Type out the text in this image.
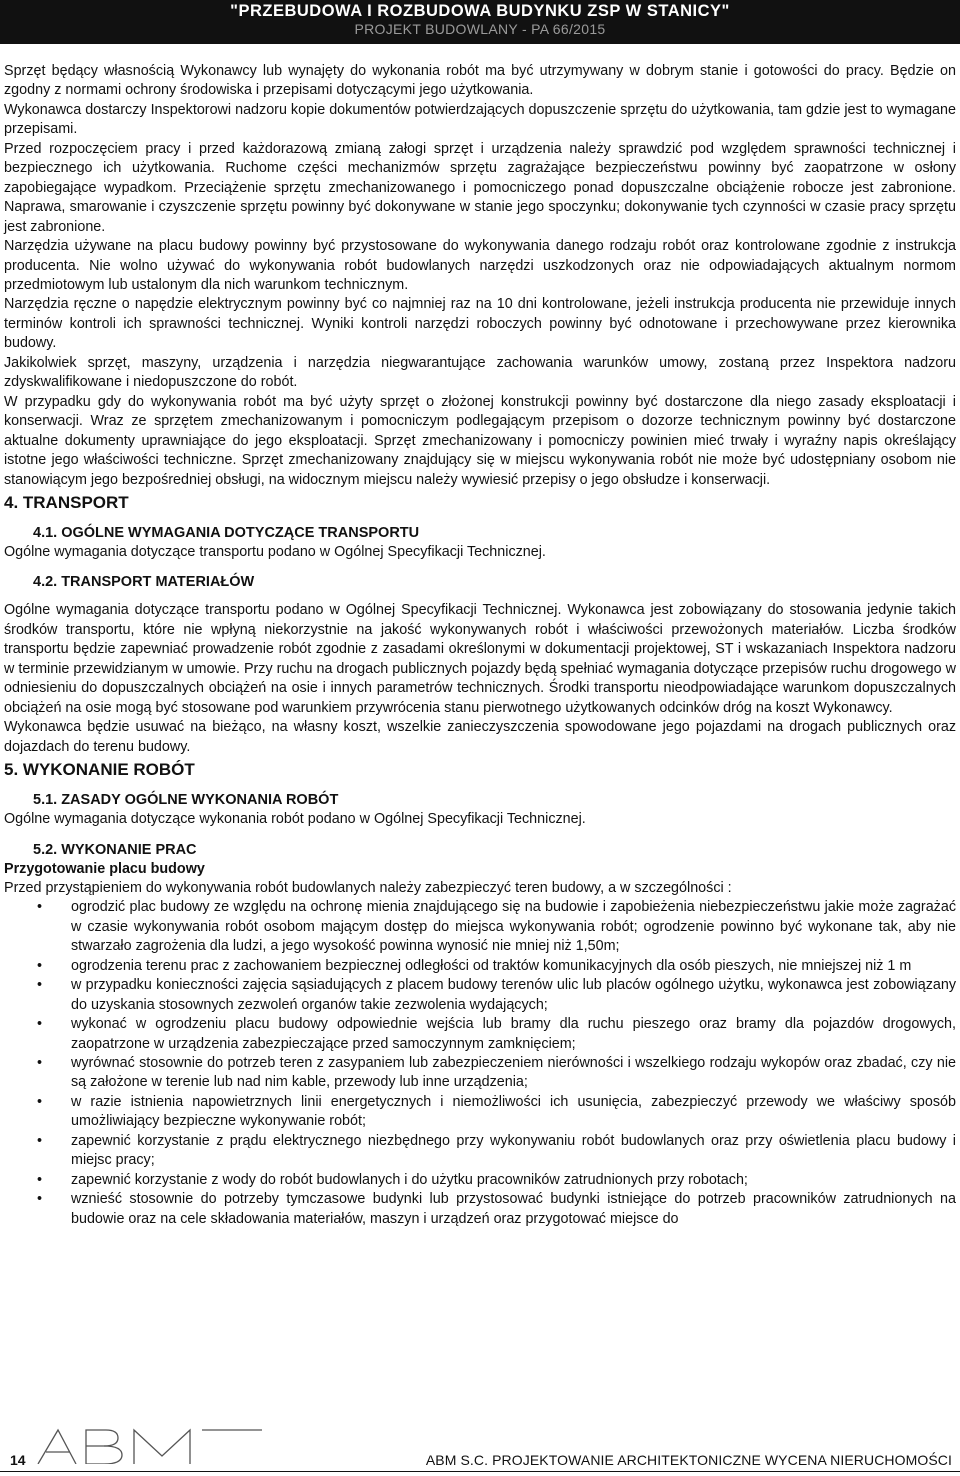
"PRZEBUDOWA I ROZBUDOWA BUDYNKU ZSP W STANICY"
PROJEKT BUDOWLANY - PA 66/2015

Sprzęt będący własnością Wykonawcy lub wynajęty do wykonania robót ma być utrzymywany w dobrym stanie i gotowości do pracy. Będzie on zgodny z normami ochrony środowiska i przepisami dotyczącymi jego użytkowania.

Wykonawca dostarczy Inspektorowi nadzoru kopie dokumentów potwierdzających dopuszczenie sprzętu do użytkowania, tam gdzie jest to wymagane przepisami.

Przed rozpoczęciem pracy i przed każdorazową zmianą załogi sprzęt i urządzenia należy sprawdzić pod względem sprawności technicznej i bezpiecznego ich użytkowania. Ruchome części mechanizmów sprzętu zagrażające bezpieczeństwu powinny być zaopatrzone w osłony zapobiegające wypadkom. Przeciążenie sprzętu zmechanizowanego i pomocniczego ponad dopuszczalne obciążenie robocze jest zabronione. Naprawa, smarowanie i czyszczenie sprzętu powinny być dokonywane w stanie jego spoczynku; dokonywanie tych czynności w czasie pracy sprzętu jest zabronione.

Narzędzia używane na placu budowy powinny być przystosowane do wykonywania danego rodzaju robót oraz kontrolowane zgodnie z instrukcja producenta. Nie wolno używać do wykonywania robót budowlanych narzędzi uszkodzonych oraz nie odpowiadających aktualnym normom przedmiotowym lub ustalonym dla nich warunkom technicznym.

Narzędzia ręczne o napędzie elektrycznym powinny być co najmniej raz na 10 dni kontrolowane, jeżeli instrukcja producenta nie przewiduje innych terminów kontroli ich sprawności technicznej. Wyniki kontroli narzędzi roboczych powinny być odnotowane i przechowywane przez kierownika budowy.

Jakikolwiek sprzęt, maszyny, urządzenia i narzędzia niegwarantujące zachowania warunków umowy, zostaną przez Inspektora nadzoru zdyskwalifikowane i niedopuszczone do robót.

W przypadku gdy do wykonywania robót ma być użyty sprzęt o złożonej konstrukcji powinny być dostarczone dla niego zasady eksploatacji i konserwacji. Wraz ze sprzętem zmechanizowanym i pomocniczym podlegającym przepisom o dozorze technicznym powinny być dostarczone aktualne dokumenty uprawniające do jego eksploatacji. Sprzęt zmechanizowany i pomocniczy powinien mieć trwały i wyraźny napis określający istotne jego właściwości techniczne. Sprzęt zmechanizowany znajdujący się w miejscu wykonywania robót nie może być udostępniany osobom nie stanowiącym jego bezpośredniej obsługi, na widocznym miejscu należy wywiesić przepisy o jego obsłudze i konserwacji.

4. TRANSPORT
4.1. OGÓLNE WYMAGANIA DOTYCZĄCE TRANSPORTU

Ogólne wymagania dotyczące transportu podano w Ogólnej Specyfikacji Technicznej.

4.2. TRANSPORT MATERIAŁÓW

Ogólne wymagania dotyczące transportu podano w Ogólnej Specyfikacji Technicznej. Wykonawca jest zobowiązany do stosowania jedynie takich środków transportu, które nie wpłyną niekorzystnie na jakość wykonywanych robót i właściwości przewożonych materiałów. Liczba środków transportu będzie zapewniać prowadzenie robót zgodnie z zasadami określonymi w dokumentacji projektowej, ST i wskazaniach Inspektora nadzoru w terminie przewidzianym w umowie. Przy ruchu na drogach publicznych pojazdy będą spełniać wymagania dotyczące przepisów ruchu drogowego w odniesieniu do dopuszczalnych obciążeń na osie i innych parametrów technicznych. Środki transportu nieodpowiadające warunkom dopuszczalnych obciążeń na osie mogą być stosowane pod warunkiem przywrócenia stanu pierwotnego użytkowanych odcinków dróg na koszt Wykonawcy.

Wykonawca będzie usuwać na bieżąco, na własny koszt, wszelkie zanieczyszczenia spowodowane jego pojazdami na drogach publicznych oraz dojazdach do terenu budowy.

5. WYKONANIE ROBÓT
5.1. ZASADY OGÓLNE WYKONANIA ROBÓT

Ogólne wymagania dotyczące wykonania robót podano w Ogólnej Specyfikacji Technicznej.

5.2. WYKONANIE PRAC

Przygotowanie placu budowy

Przed przystąpieniem do wykonywania robót budowlanych należy zabezpieczyć teren budowy, a w szczególności :

• ogrodzić plac budowy ze względu na ochronę mienia znajdującego się na budowie i zapobieżenia niebezpieczeństwu jakie może zagrażać w czasie wykonywania robót osobom mającym dostęp do miejsca wykonywania robót; ogrodzenie powinno być wykonane tak, aby nie stwarzało zagrożenia dla ludzi, a jego wysokość powinna wynosić nie mniej niż 1,50m;
• ogrodzenia terenu prac z zachowaniem bezpiecznej odległości od traktów komunikacyjnych dla osób pieszych, nie mniejszej niż 1 m
• w przypadku konieczności zajęcia sąsiadujących z placem budowy terenów ulic lub placów ogólnego użytku, wykonawca jest zobowiązany do uzyskania stosownych zezwoleń organów takie zezwolenia wydających;
• wykonać w ogrodzeniu placu budowy odpowiednie wejścia lub bramy dla ruchu pieszego oraz bramy dla pojazdów drogowych, zaopatrzone w urządzenia zabezpieczające przed samoczynnym zamknięciem;
• wyrównać stosownie do potrzeb teren z zasypaniem lub zabezpieczeniem nierówności i wszelkiego rodzaju wykopów oraz zbadać, czy nie są założone w terenie lub nad nim kable, przewody lub inne urządzenia;
• w razie istnienia napowietrznych linii energetycznych i niemożliwości ich usunięcia, zabezpieczyć przewody we właściwy sposób umożliwiający bezpieczne wykonywanie robót;
• zapewnić korzystanie z prądu elektrycznego niezbędnego przy wykonywaniu robót budowlanych oraz przy oświetlenia placu budowy i miejsc pracy;
• zapewnić korzystanie z wody do robót budowlanych i do użytku pracowników zatrudnionych przy robotach;
• wznieść stosownie do potrzeby tymczasowe budynki lub przystosować budynki istniejące do potrzeb pracowników zatrudnionych na budowie oraz na cele składowania materiałów, maszyn i urządzeń oraz przygotować miejsce do
14	ABM S.C. PROJEKTOWANIE ARCHITEKTONICZNE WYCENA NIERUCHOMOŚCI
